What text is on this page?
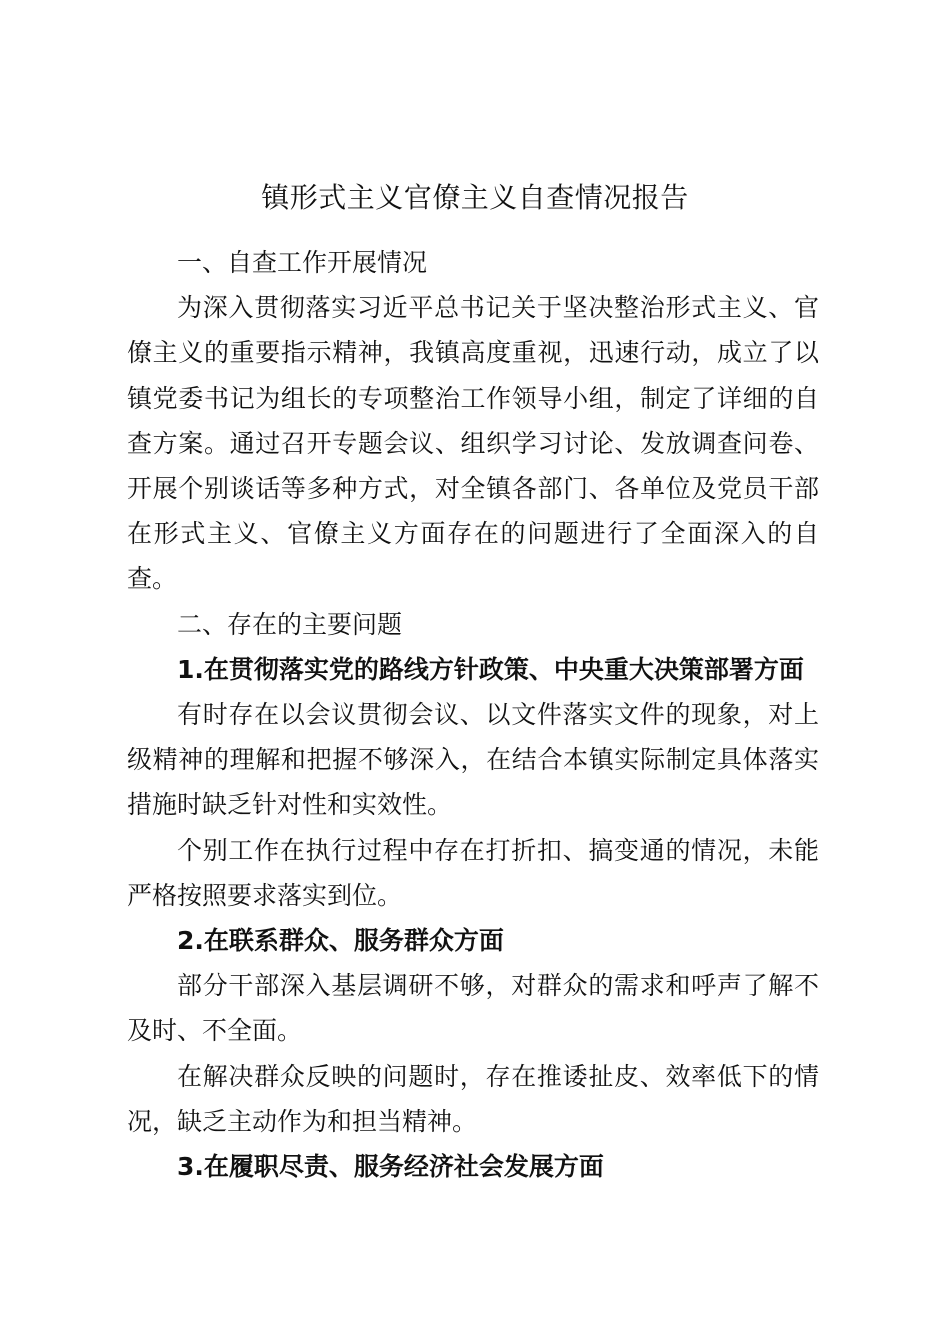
镇形式主义官僚主义自查情况报告

一、自查工作开展情况

为深入贯彻落实习近平总书记关于坚决整治形式主义、官僚主义的重要指示精神，我镇高度重视，迅速行动，成立了以镇党委书记为组长的专项整治工作领导小组，制定了详细的自查方案。通过召开专题会议、组织学习讨论、发放调查问卷、开展个别谈话等多种方式，对全镇各部门、各单位及党员干部在形式主义、官僚主义方面存在的问题进行了全面深入的自查。

二、存在的主要问题

1.在贯彻落实党的路线方针政策、中央重大决策部署方面

有时存在以会议贯彻会议、以文件落实文件的现象，对上级精神的理解和把握不够深入，在结合本镇实际制定具体落实措施时缺乏针对性和实效性。

个别工作在执行过程中存在打折扣、搞变通的情况，未能严格按照要求落实到位。

2.在联系群众、服务群众方面

部分干部深入基层调研不够，对群众的需求和呼声了解不及时、不全面。

在解决群众反映的问题时，存在推诿扯皮、效率低下的情况，缺乏主动作为和担当精神。

3.在履职尽责、服务经济社会发展方面
